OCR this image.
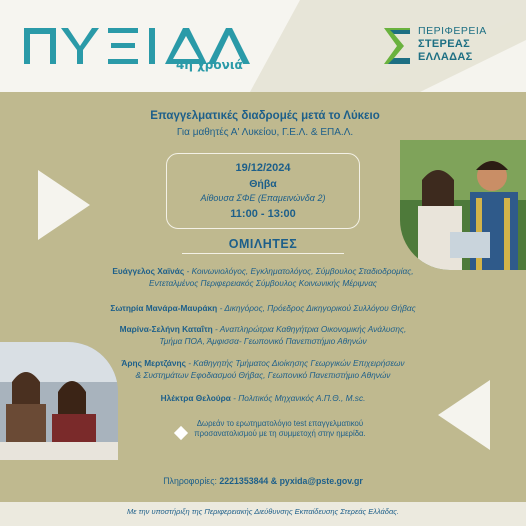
4η χρονιά
ΠΕΡΙΦΕΡΕΙΑ
ΣΤΕΡΕΑΣ
ΕΛΛΑΔΑΣ
Επαγγελματικές διαδρομές μετά το Λύκειο
Για μαθητές Α' Λυκείου, Γ.Ε.Λ. & ΕΠΑ.Λ.
19/12/2024
Θήβα
Αίθουσα ΣΦΕ (Επαμεινώνδα 2)
11:00 - 13:00
ΟΜΙΛΗΤΕΣ
Ευάγγελος Χαϊνάς - Κοινωνιολόγος, Εγκληματολόγος, Σύμβουλος Σταδιοδρομίας,
Εντεταλμένος Περιφερειακός Σύμβουλος Κοινωνικής Μέριμνας
Σωτηρία Μανάρα-Μαυράκη - Δικηγόρος, Πρόεδρος Δικηγορικού Συλλόγου Θήβας
Μαρίνα-Σελήνη Καταΐτη - Αναπληρώτρια Καθηγήτρια Οικονομικής Ανάλυσης,
Τμήμα ΠΟΑ, Άμφισσα- Γεωπονικό Πανεπιστήμιο Αθηνών
Άρης Μερτζάνης - Καθηγητής Τμήματος Διοίκησης Γεωργικών Επιχειρήσεων
& Συστημάτων Εφοδιασμού Θήβας, Γεωπονικό Πανεπιστήμιο Αθηνών
Ηλέκτρα Θελούρα - Πολιτικός Μηχανικός Α.Π.Θ., M.sc.
Δωρεάν το ερωτηματολόγιο test επαγγελματικού
προσανατολισμού με τη συμμετοχή στην ημερίδα.
Πληροφορίες: 2221353844 & pyxida@pste.gov.gr
Με την υποστήριξη της Περιφερειακής Διεύθυνσης Εκπαίδευσης Στερεάς Ελλάδας.
